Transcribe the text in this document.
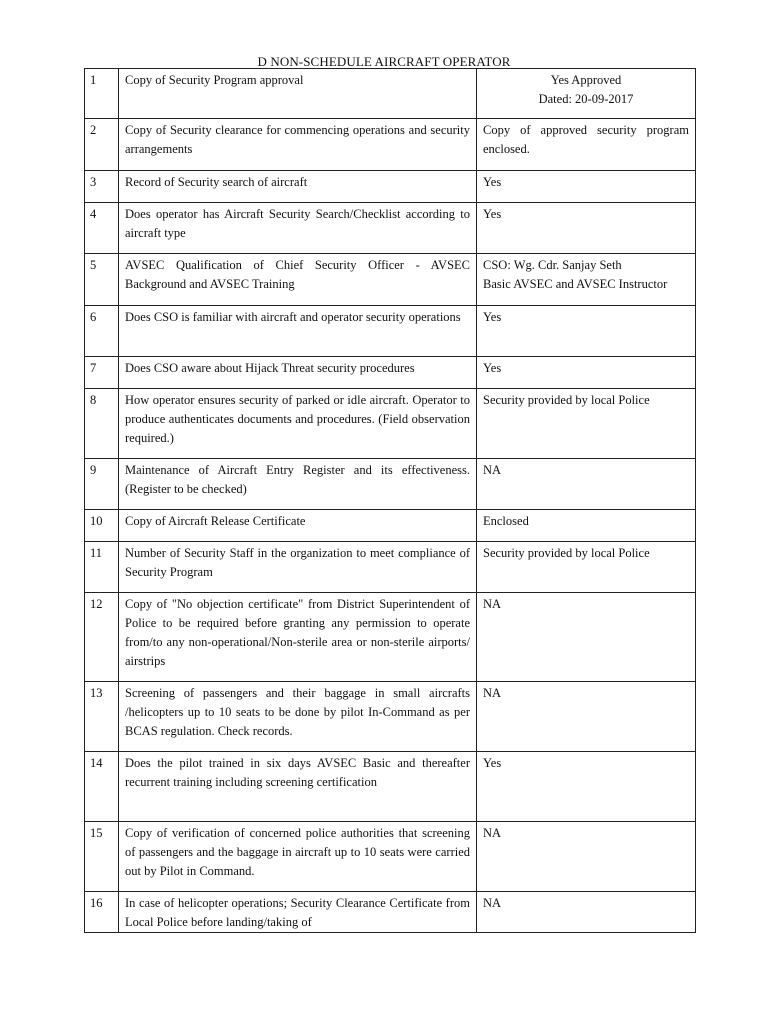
D NON-SCHEDULE AIRCRAFT OPERATOR
1	Copy of Security Program approval	Yes Approved
Dated: 20-09-2017

2	Copy of Security clearance for commencing operations and security arrangements	Copy of approved security program enclosed.

3	Record of Security search of aircraft	Yes

4	Does operator has Aircraft Security Search/Checklist according to aircraft type	Yes

5	AVSEC Qualification of Chief Security Officer - AVSEC Background and AVSEC Training	CSO: Wg. Cdr. Sanjay Seth
Basic AVSEC and AVSEC Instructor

6	Does CSO is familiar with aircraft and operator security operations	Yes

7	Does CSO aware about Hijack Threat security procedures	Yes

8	How operator ensures security of parked or idle aircraft. Operator to produce authenticates documents and procedures. (Field observation required.)	Security provided by local Police

9	Maintenance of Aircraft Entry Register and its effectiveness. (Register to be checked)	NA

10	Copy of Aircraft Release Certificate	Enclosed

11	Number of Security Staff in the organization to meet compliance of Security Program	Security provided by local Police

12	Copy of "No objection certificate" from District Superintendent of Police to be required before granting any permission to operate from/to any non-operational/Non-sterile area or non-sterile airports/ airstrips	NA

13	Screening of passengers and their baggage in small aircrafts /helicopters up to 10 seats to be done by pilot In-Command as per BCAS regulation. Check records.	NA

14	Does the pilot trained in six days AVSEC Basic and thereafter recurrent training including screening certification	Yes

15	Copy of verification of concerned police authorities that screening of passengers and the baggage in aircraft up to 10 seats were carried out by Pilot in Command.	NA

16	In case of helicopter operations; Security Clearance Certificate from Local Police before landing/taking of	NA
